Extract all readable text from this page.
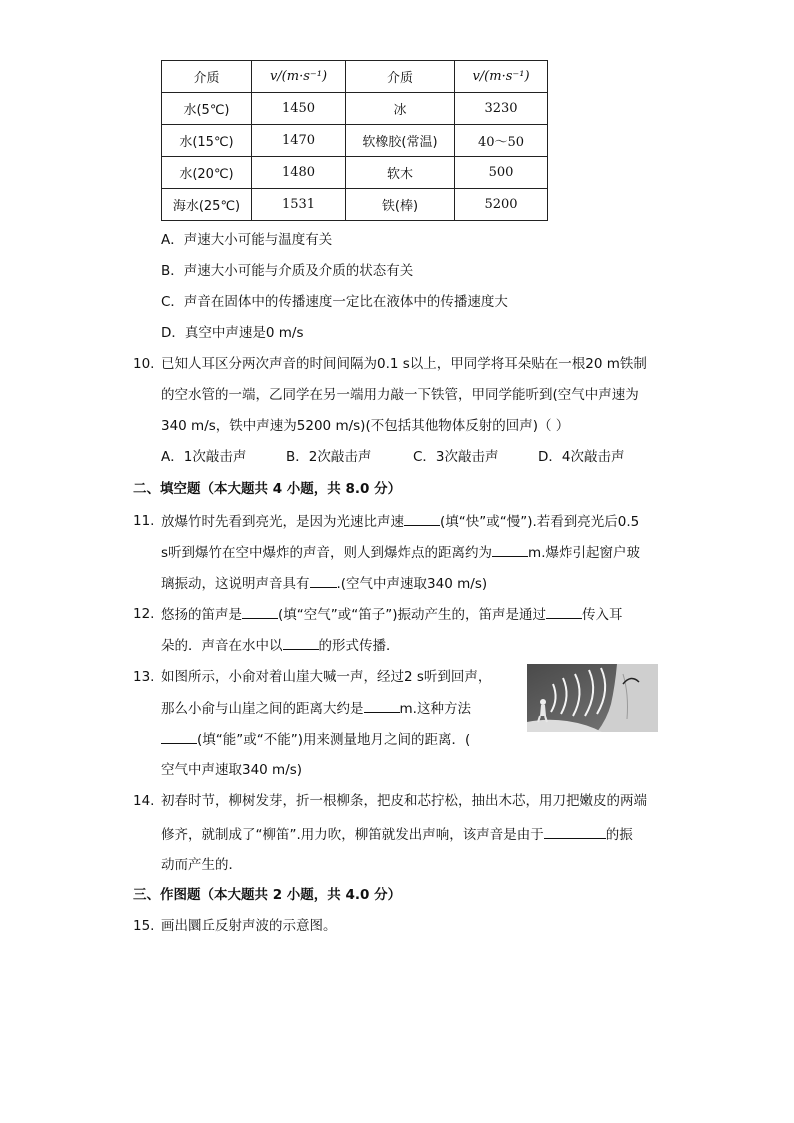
介质	v/(m·s⁻¹)	介质	v/(m·s⁻¹)
水(5℃)	1450	冰	3230
水(15℃)	1470	软橡胶(常温)	40～50
水(20℃)	1480	软木	500
海水(25℃)	1531	铁(棒)	5200
A．声速大小可能与温度有关
B．声速大小可能与介质及介质的状态有关
C．声音在固体中的传播速度一定比在液体中的传播速度大
D．真空中声速是0 m/s
10. 已知人耳区分两次声音的时间间隔为0.1 s以上，甲同学将耳朵贴在一根20 m铁制
的空水管的一端，乙同学在另一端用力敲一下铁管，甲同学能听到(空气中声速为
340 m/s，铁中声速为5200 m/s)(不包括其他物体反射的回声)（ ）
A．1次敲击声	B．2次敲击声	C．3次敲击声	D．4次敲击声
二、填空题（本大题共 4 小题，共 8.0 分）
11. 放爆竹时先看到亮光，是因为光速比声速	(填“快”或“慢”).若看到亮光后0.5
s听到爆竹在空中爆炸的声音，则人到爆炸点的距离约为	m.爆炸引起窗户玻
璃振动，这说明声音具有 .(空气中声速取340 m/s)
12. 悠扬的笛声是	(填“空气”或“笛子”)振动产生的，笛声是通过	传入耳
朵的．声音在水中以	的形式传播．
13. 如图所示，小俞对着山崖大喊一声，经过2 s听到回声，
那么小俞与山崖之间的距离大约是	m.这种方法
(填“能”或“不能”)用来测量地月之间的距离．(
空气中声速取340 m/s)
14. 初春时节，柳树发芽，折一根柳条，把皮和芯拧松，抽出木芯，用刀把嫩皮的两端
修齐，就制成了“柳笛”.用力吹，柳笛就发出声响，该声音是由于	的振
动而产生的．
三、作图题（本大题共 2 小题，共 4.0 分）
15. 画出圜丘反射声波的示意图。
